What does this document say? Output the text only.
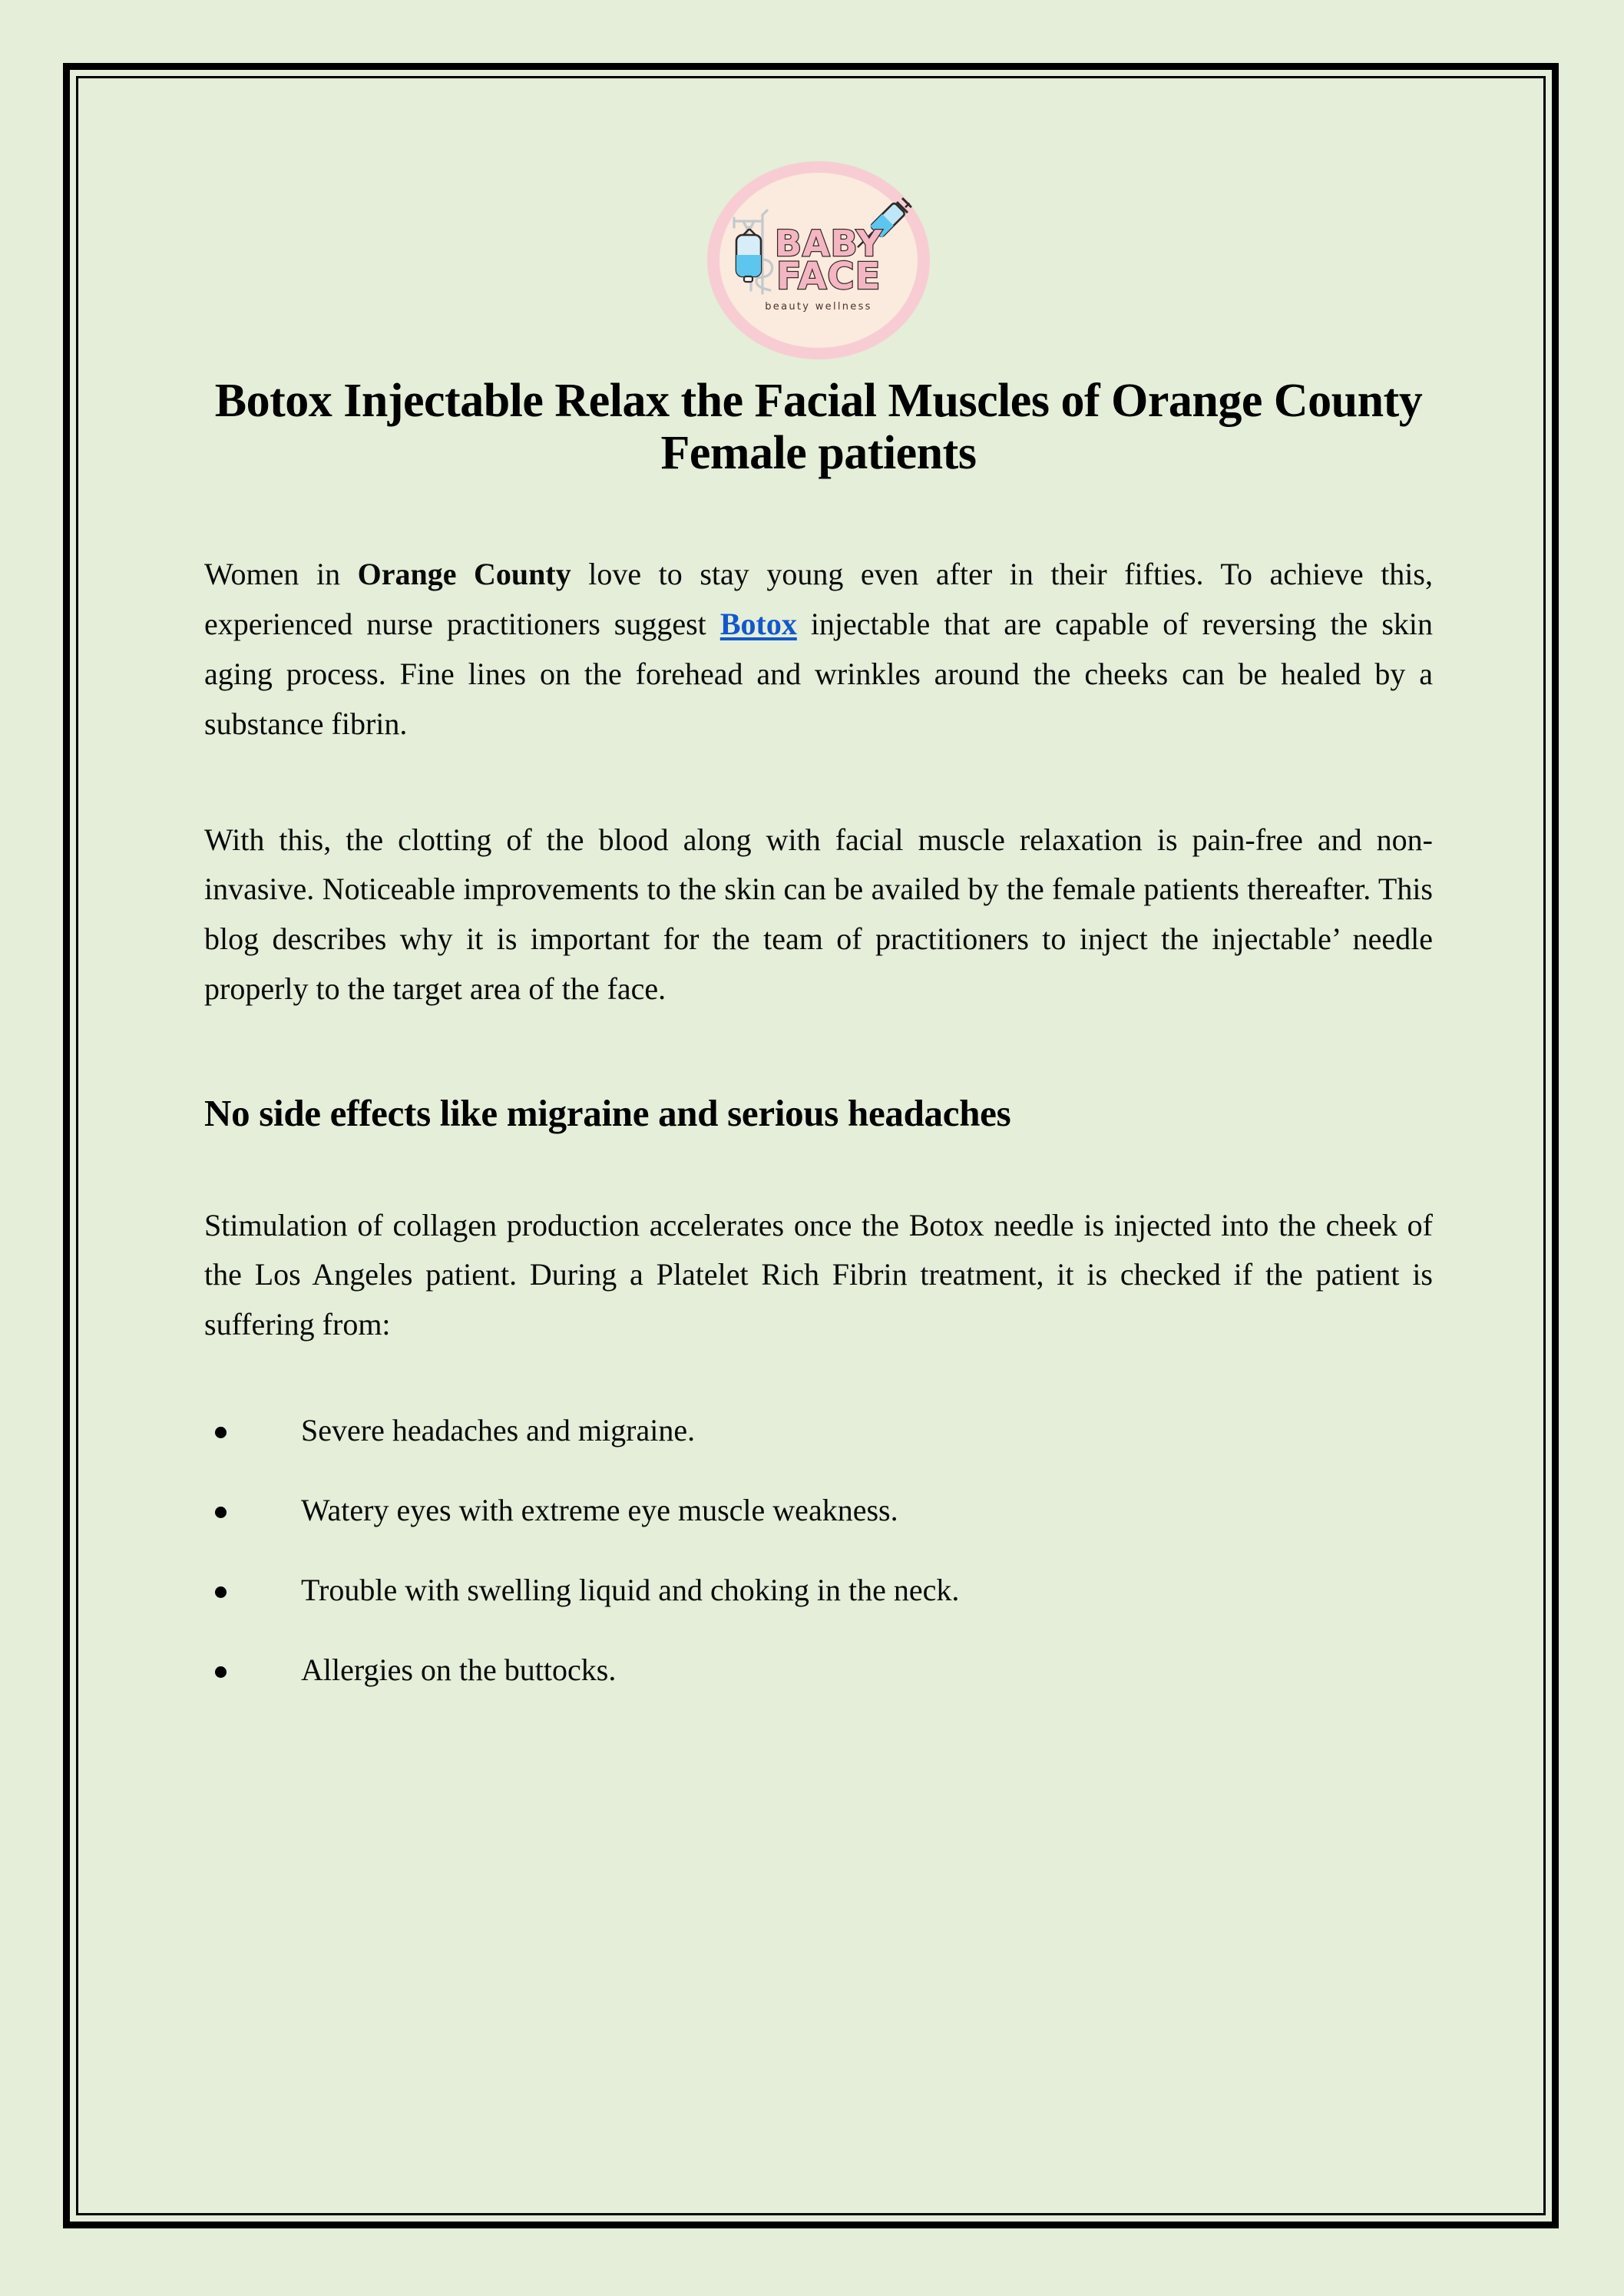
BABY
FACE
beauty wellness
Botox Injectable Relax the Facial Muscles of Orange County Female patients

Women in Orange County love to stay young even after in their fifties. To achieve this, experienced nurse practitioners suggest Botox injectable that are capable of reversing the skin aging process. Fine lines on the forehead and wrinkles around the cheeks can be healed by a substance fibrin.

With this, the clotting of the blood along with facial muscle relaxation is pain-free and non-invasive. Noticeable improvements to the skin can be availed by the female patients thereafter. This blog describes why it is important for the team of practitioners to inject the injectable’ needle properly to the target area of the face.

No side effects like migraine and serious headaches

Stimulation of collagen production accelerates once the Botox needle is injected into the cheek of the Los Angeles patient. During a Platelet Rich Fibrin treatment, it is checked if the patient is suffering from:

Severe headaches and migraine.
Watery eyes with extreme eye muscle weakness.
Trouble with swelling liquid and choking in the neck.
Allergies on the buttocks.
